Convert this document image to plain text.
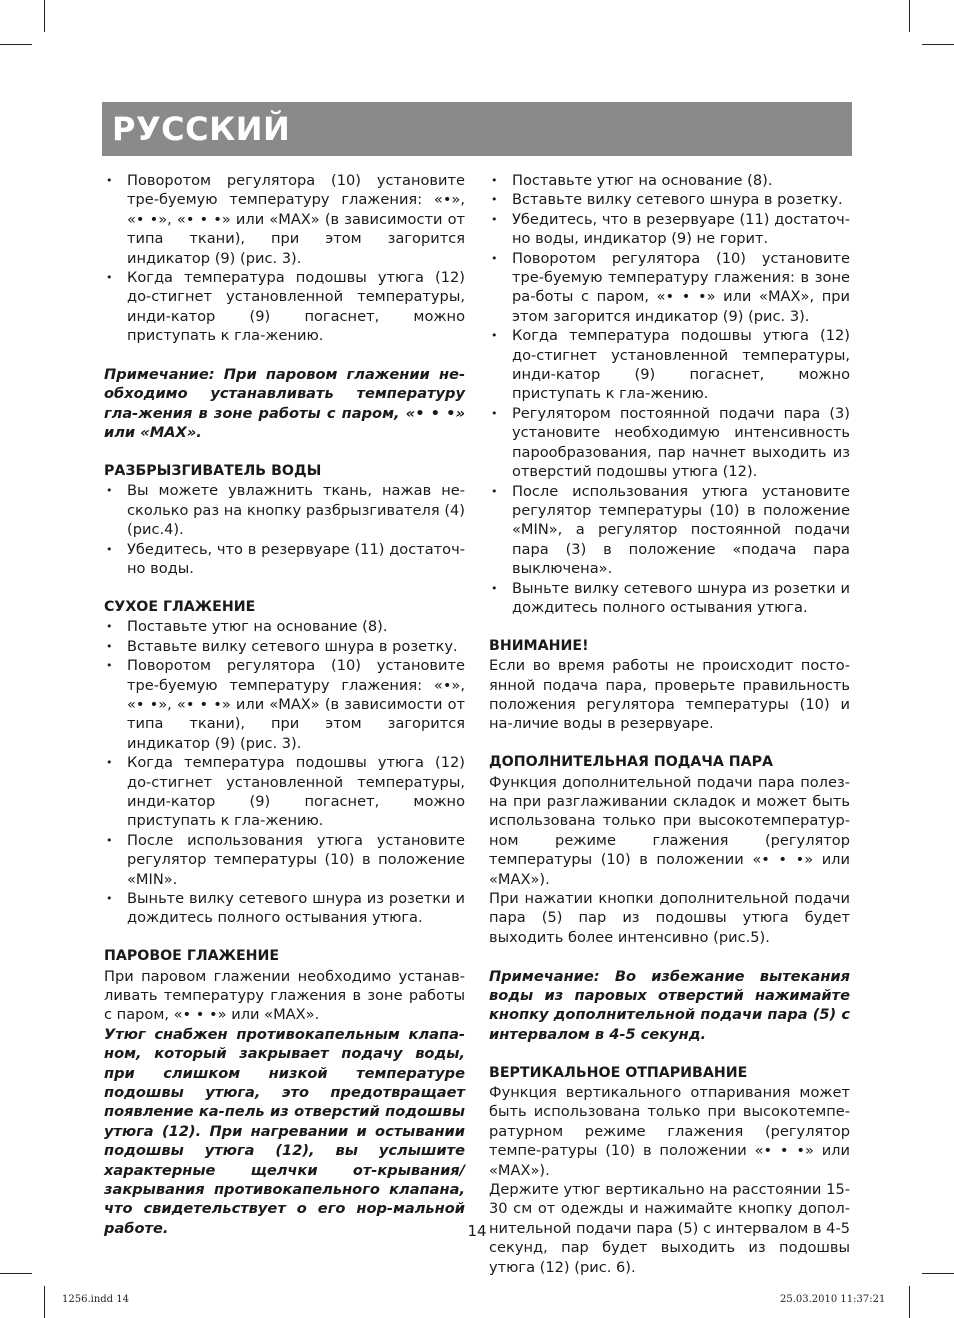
РУССКИЙ
• Поворотом регулятора (10) установите тре-буемую температуру глажения: «•», «• •», «• • •» или «MAX» (в зависимости от типа ткани), при этом загорится индикатор (9) (рис. 3).
• Когда температура подошвы утюга (12) до-стигнет установленной температуры, инди-катор (9) погаснет, можно приступать к гла-жению.

Примечание: При паровом глажении не-обходимо устанавливать температуру гла-жения в зоне работы с паром, «• • •» или «MAX».

РАЗБРЫЗГИВАТЕЛЬ ВОДЫ
• Вы можете увлажнить ткань, нажав не-сколько раз на кнопку разбрызгивателя (4) (рис.4).
• Убедитесь, что в резервуаре (11) достаточ-но воды.
СУХОЕ ГЛАЖЕНИЕ
• Поставьте утюг на основание (8).
• Вставьте вилку сетевого шнура в розетку.
• Поворотом регулятора (10) установите тре-буемую температуру глажения: «•», «• •», «• • •» или «MAX» (в зависимости от типа ткани), при этом загорится индикатор (9) (рис. 3).
• Когда температура подошвы утюга (12) до-стигнет установленной температуры, инди-катор (9) погаснет, можно приступать к гла-жению.
• После использования утюга установите регулятор температуры (10) в положение «MIN».
• Выньте вилку сетевого шнура из розетки и дождитесь полного остывания утюга.
ПАРОВОЕ ГЛАЖЕНИЕ

При паровом глажении необходимо устанав-ливать температуру глажения в зоне работы с паром, «• • •» или «MAX».

Утюг снабжен противокапельным клапа-ном, который закрывает подачу воды, при слишком низкой температуре подошвы утюга, это предотвращает появление ка-пель из отверстий подошвы утюга (12). При нагревании и остывании подошвы утюга (12), вы услышите характерные щелчки от-крывания/закрывания противокапельного клапана, что свидетельствует о его нор-мальной работе.

• Поставьте утюг на основание (8).
• Вставьте вилку сетевого шнура в розетку.
• Убедитесь, что в резервуаре (11) достаточ-но воды, индикатор (9) не горит.
• Поворотом регулятора (10) установите тре-буемую температуру глажения: в зоне ра-боты с паром, «• • •» или «MAX», при этом загорится индикатор (9) (рис. 3).
• Когда температура подошвы утюга (12) до-стигнет установленной температуры, инди-катор (9) погаснет, можно приступать к гла-жению.
• Регулятором постоянной подачи пара (3) установите необходимую интенсивность парообразования, пар начнет выходить из отверстий подошвы утюга (12).
• После использования утюга установите регулятор температуры (10) в положение «MIN», а регулятор постоянной подачи пара (3) в положение «подача пара выключена».
• Выньте вилку сетевого шнура из розетки и дождитесь полного остывания утюга.
ВНИМАНИЕ!

Если во время работы не происходит посто-янной подача пара, проверьте правильность положения регулятора температуры (10) и на-личие воды в резервуаре.

ДОПОЛНИТЕЛЬНАЯ ПОДАЧА ПАРА

Функция дополнительной подачи пара полез-на при разглаживании складок и может быть использована только при высокотемператур-ном режиме глажения (регулятор температуры (10) в положении «• • •» или «MAX»).

При нажатии кнопки дополнительной подачи пара (5) пар из подошвы утюга будет выходить более интенсивно (рис.5).

Примечание: Во избежание вытекания воды из паровых отверстий нажимайте кнопку дополнительной подачи пара (5) с интервалом в 4-5 секунд.

ВЕРТИКАЛЬНОЕ ОТПАРИВАНИЕ

Функция вертикального отпаривания может быть использована только при высокотемпе-ратурном режиме глажения (регулятор темпе-ратуры (10) в положении «• • •» или «MAX»).

Держите утюг вертикально на расстоянии 15-30 см от одежды и нажимайте кнопку допол-нительной подачи пара (5) с интервалом в 4-5 секунд, пар будет выходить из подошвы утюга (12) (рис. 6).

14
1256.indd 14	25.03.2010 11:37:21
